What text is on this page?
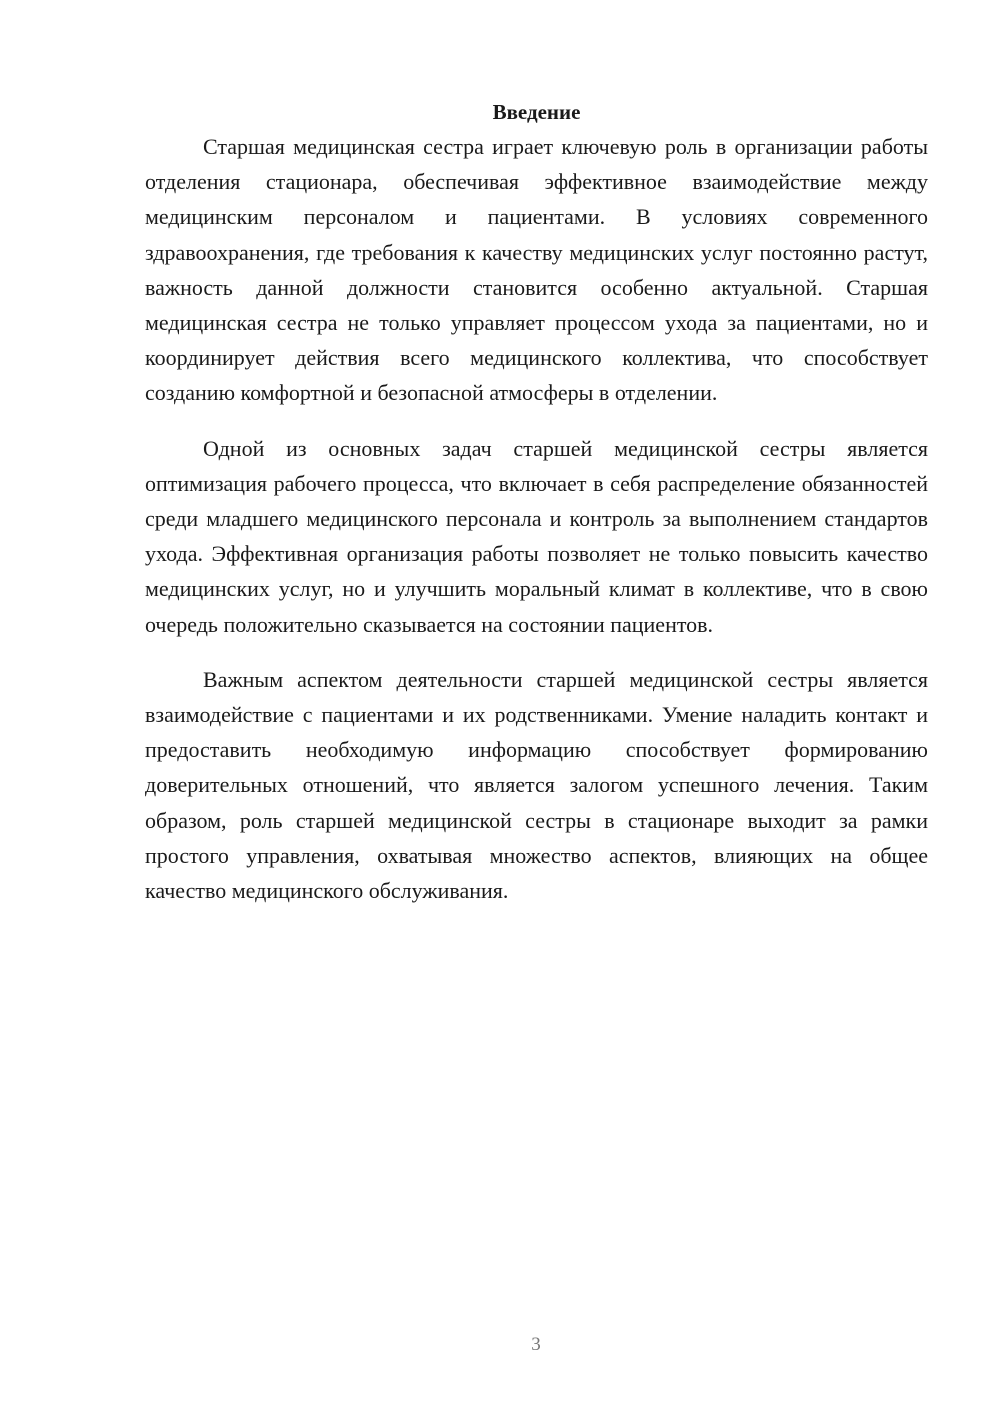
Введение

Старшая медицинская сестра играет ключевую роль в организации работы отделения стационара, обеспечивая эффективное взаимодействие между медицинским персоналом и пациентами. В условиях современного здравоохранения, где требования к качеству медицинских услуг постоянно растут, важность данной должности становится особенно актуальной. Старшая медицинская сестра не только управляет процессом ухода за пациентами, но и координирует действия всего медицинского коллектива, что способствует созданию комфортной и безопасной атмосферы в отделении.

Одной из основных задач старшей медицинской сестры является оптимизация рабочего процесса, что включает в себя распределение обязанностей среди младшего медицинского персонала и контроль за выполнением стандартов ухода. Эффективная организация работы позволяет не только повысить качество медицинских услуг, но и улучшить моральный климат в коллективе, что в свою очередь положительно сказывается на состоянии пациентов.

Важным аспектом деятельности старшей медицинской сестры является взаимодействие с пациентами и их родственниками. Умение наладить контакт и предоставить необходимую информацию способствует формированию доверительных отношений, что является залогом успешного лечения. Таким образом, роль старшей медицинской сестры в стационаре выходит за рамки простого управления, охватывая множество аспектов, влияющих на общее качество медицинского обслуживания.

3
